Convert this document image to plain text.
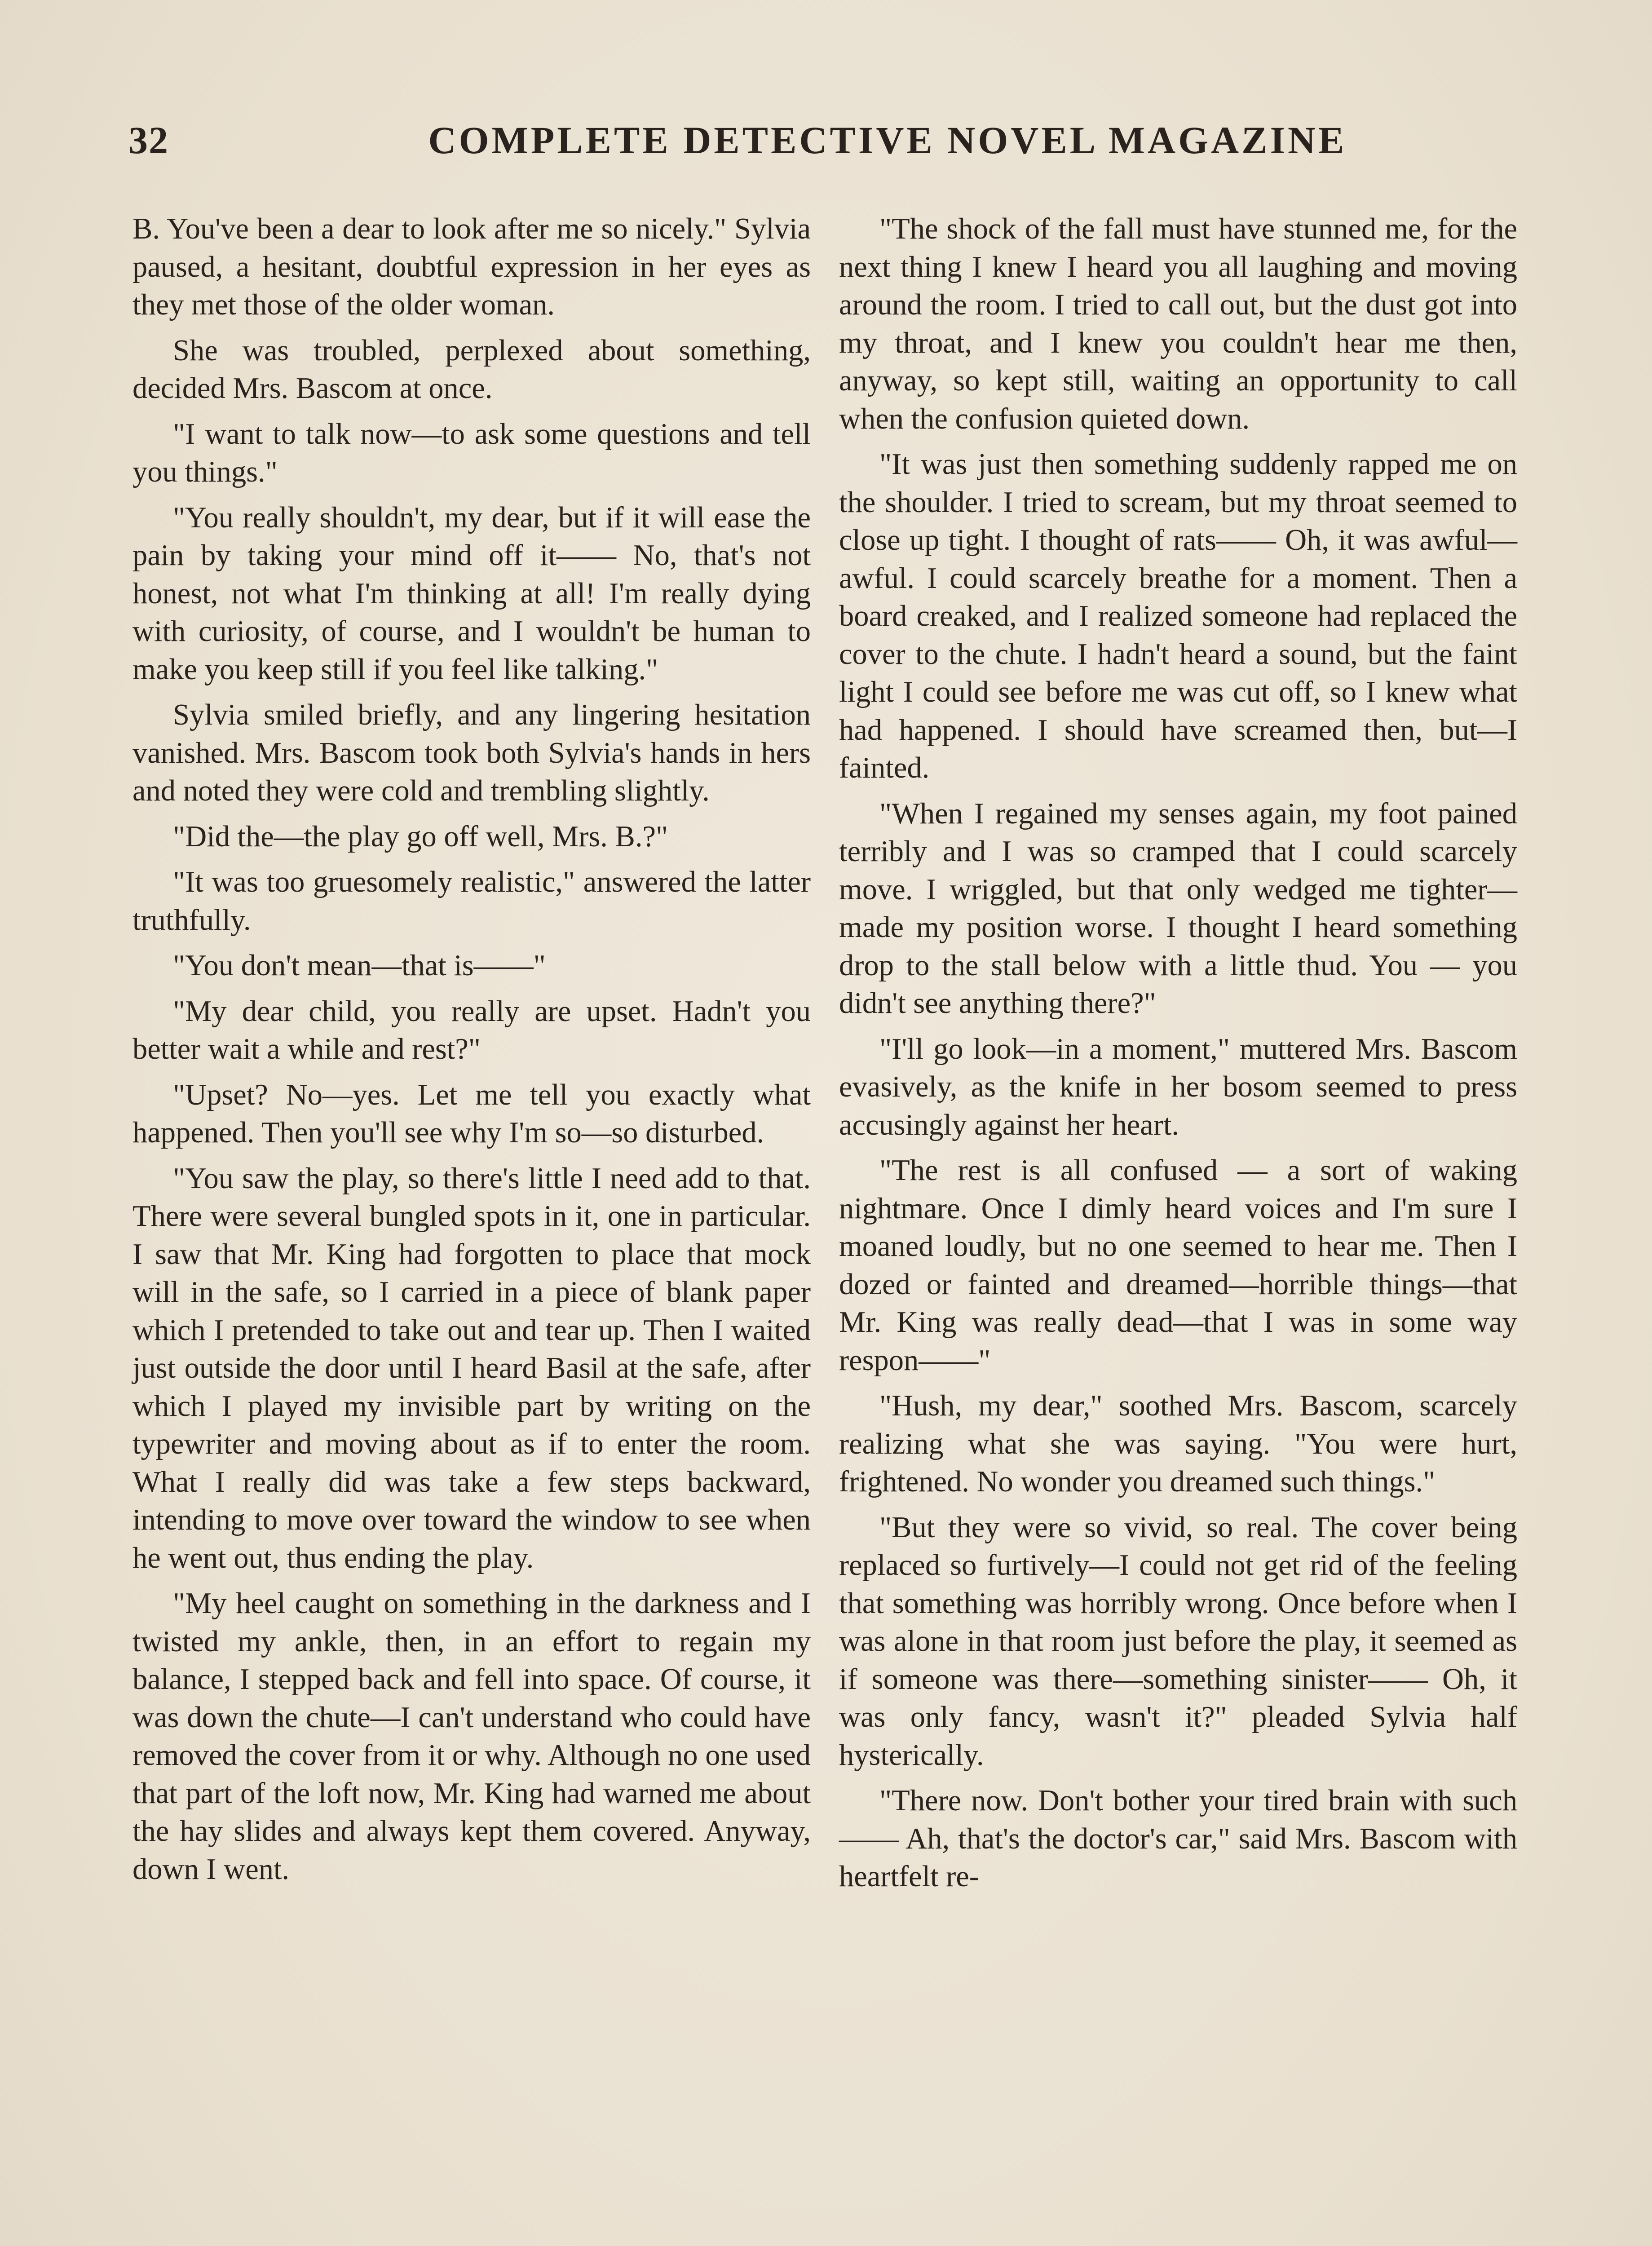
32	COMPLETE DETECTIVE NOVEL MAGAZINE

B. You've been a dear to look after me so nicely." Sylvia paused, a hesitant, doubtful expression in her eyes as they met those of the older woman.

She was troubled, perplexed about something, decided Mrs. Bascom at once.

"I want to talk now—to ask some questions and tell you things."

"You really shouldn't, my dear, but if it will ease the pain by taking your mind off it—— No, that's not honest, not what I'm thinking at all! I'm really dying with curiosity, of course, and I wouldn't be human to make you keep still if you feel like talking."

Sylvia smiled briefly, and any lingering hesitation vanished. Mrs. Bascom took both Sylvia's hands in hers and noted they were cold and trembling slightly.

"Did the—the play go off well, Mrs. B.?"

"It was too gruesomely realistic," answered the latter truthfully.

"You don't mean—that is——"

"My dear child, you really are upset. Hadn't you better wait a while and rest?"

"Upset? No—yes. Let me tell you exactly what happened. Then you'll see why I'm so—so disturbed.

"You saw the play, so there's little I need add to that. There were several bungled spots in it, one in particular. I saw that Mr. King had forgotten to place that mock will in the safe, so I carried in a piece of blank paper which I pretended to take out and tear up. Then I waited just outside the door until I heard Basil at the safe, after which I played my invisible part by writing on the typewriter and moving about as if to enter the room. What I really did was take a few steps backward, intending to move over toward the window to see when he went out, thus ending the play.

"My heel caught on something in the darkness and I twisted my ankle, then, in an effort to regain my balance, I stepped back and fell into space. Of course, it was down the chute—I can't understand who could have removed the cover from it or why. Although no one used that part of the loft now, Mr. King had warned me about the hay slides and always kept them covered. Anyway, down I went.

"The shock of the fall must have stunned me, for the next thing I knew I heard you all laughing and moving around the room. I tried to call out, but the dust got into my throat, and I knew you couldn't hear me then, anyway, so kept still, waiting an opportunity to call when the confusion quieted down.

"It was just then something suddenly rapped me on the shoulder. I tried to scream, but my throat seemed to close up tight. I thought of rats—— Oh, it was awful—awful. I could scarcely breathe for a moment. Then a board creaked, and I realized someone had replaced the cover to the chute. I hadn't heard a sound, but the faint light I could see before me was cut off, so I knew what had happened. I should have screamed then, but—I fainted.

"When I regained my senses again, my foot pained terribly and I was so cramped that I could scarcely move. I wriggled, but that only wedged me tighter—made my position worse. I thought I heard something drop to the stall below with a little thud. You — you didn't see anything there?"

"I'll go look—in a moment," muttered Mrs. Bascom evasively, as the knife in her bosom seemed to press accusingly against her heart.

"The rest is all confused — a sort of waking nightmare. Once I dimly heard voices and I'm sure I moaned loudly, but no one seemed to hear me. Then I dozed or fainted and dreamed—horrible things—that Mr. King was really dead—that I was in some way respon——"

"Hush, my dear," soothed Mrs. Bascom, scarcely realizing what she was saying. "You were hurt, frightened. No wonder you dreamed such things."

"But they were so vivid, so real. The cover being replaced so furtively—I could not get rid of the feeling that something was horribly wrong. Once before when I was alone in that room just before the play, it seemed as if someone was there—something sinister—— Oh, it was only fancy, wasn't it?" pleaded Sylvia half hysterically.

"There now. Don't bother your tired brain with such—— Ah, that's the doctor's car," said Mrs. Bascom with heartfelt re-
